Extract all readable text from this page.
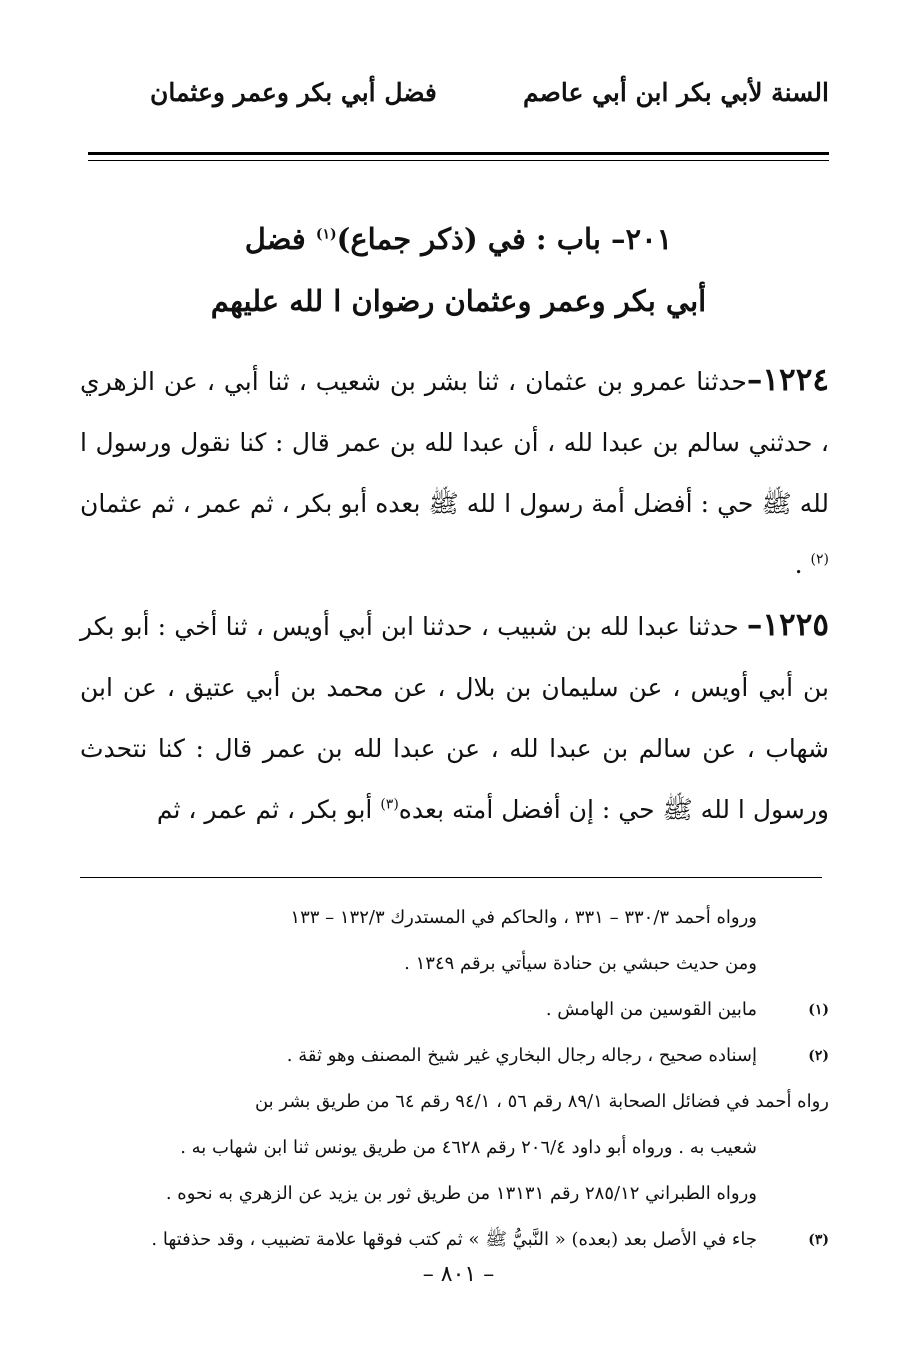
السنة لأبي بكر ابن أبي عاصم
فضل أبي بكر وعمر وعثمان
٢٠١– باب : في (ذكر جماع)$^{(١)}$ فضل
أبي بكر وعمر وعثمان رضوان ا لله عليهم

١٢٢٤–حدثنا عمرو بن عثمان ، ثنا بشر بن شعيب ، ثنا أبي ، عن الزهري ، حدثني سالم بن عبدا لله ، أن عبدا لله بن عمر قال : كنا نقول ورسول ا لله ﷺ حي : أفضل أمة رسول ا لله ﷺ بعده أبو بكر ، ثم عمر ، ثم عثمان $^{(٢)}$ .

١٢٢٥– حدثنا عبدا لله بن شبيب ، حدثنا ابن أبي أويس ، ثنا أخي : أبو بكر بن أبي أويس ، عن سليمان بن بلال ، عن محمد بن أبي عتيق ، عن ابن شهاب ، عن سالم بن عبدا لله ، عن عبدا لله بن عمر قال : كنا نتحدث ورسول ا لله ﷺ حي : إن أفضل أمته بعده$^{(٣)}$ أبو بكر ، ثم عمر ، ثم

ورواه أحمد ٣٣٠/٣ – ٣٣١ ، والحاكم في المستدرك ١٣٢/٣ – ١٣٣
ومن حديث حبشي بن حنادة سيأتي برقم ١٣٤٩ .
(١)
مابين القوسين من الهامش .
(٢)
إسناده صحيح ، رجاله رجال البخاري غير شيخ المصنف وهو ثقة .
رواه أحمد في فضائل الصحابة ٨٩/١ رقم ٥٦ ، ٩٤/١ رقم ٦٤ من طريق بشر بن
شعيب به . ورواه أبو داود ٢٠٦/٤ رقم ٤٦٢٨ من طريق يونس ثنا ابن شهاب به .
ورواه الطبراني ٢٨٥/١٢ رقم ١٣١٣١ من طريق ثور بن يزيد عن الزهري به نحوه .
(٣)
جاء في الأصل بعد (بعده) « النَّبيُّ ﷺ » ثم كتب فوقها علامة تضبيب ، وقد حذفتها .
– ٨٠١ –
